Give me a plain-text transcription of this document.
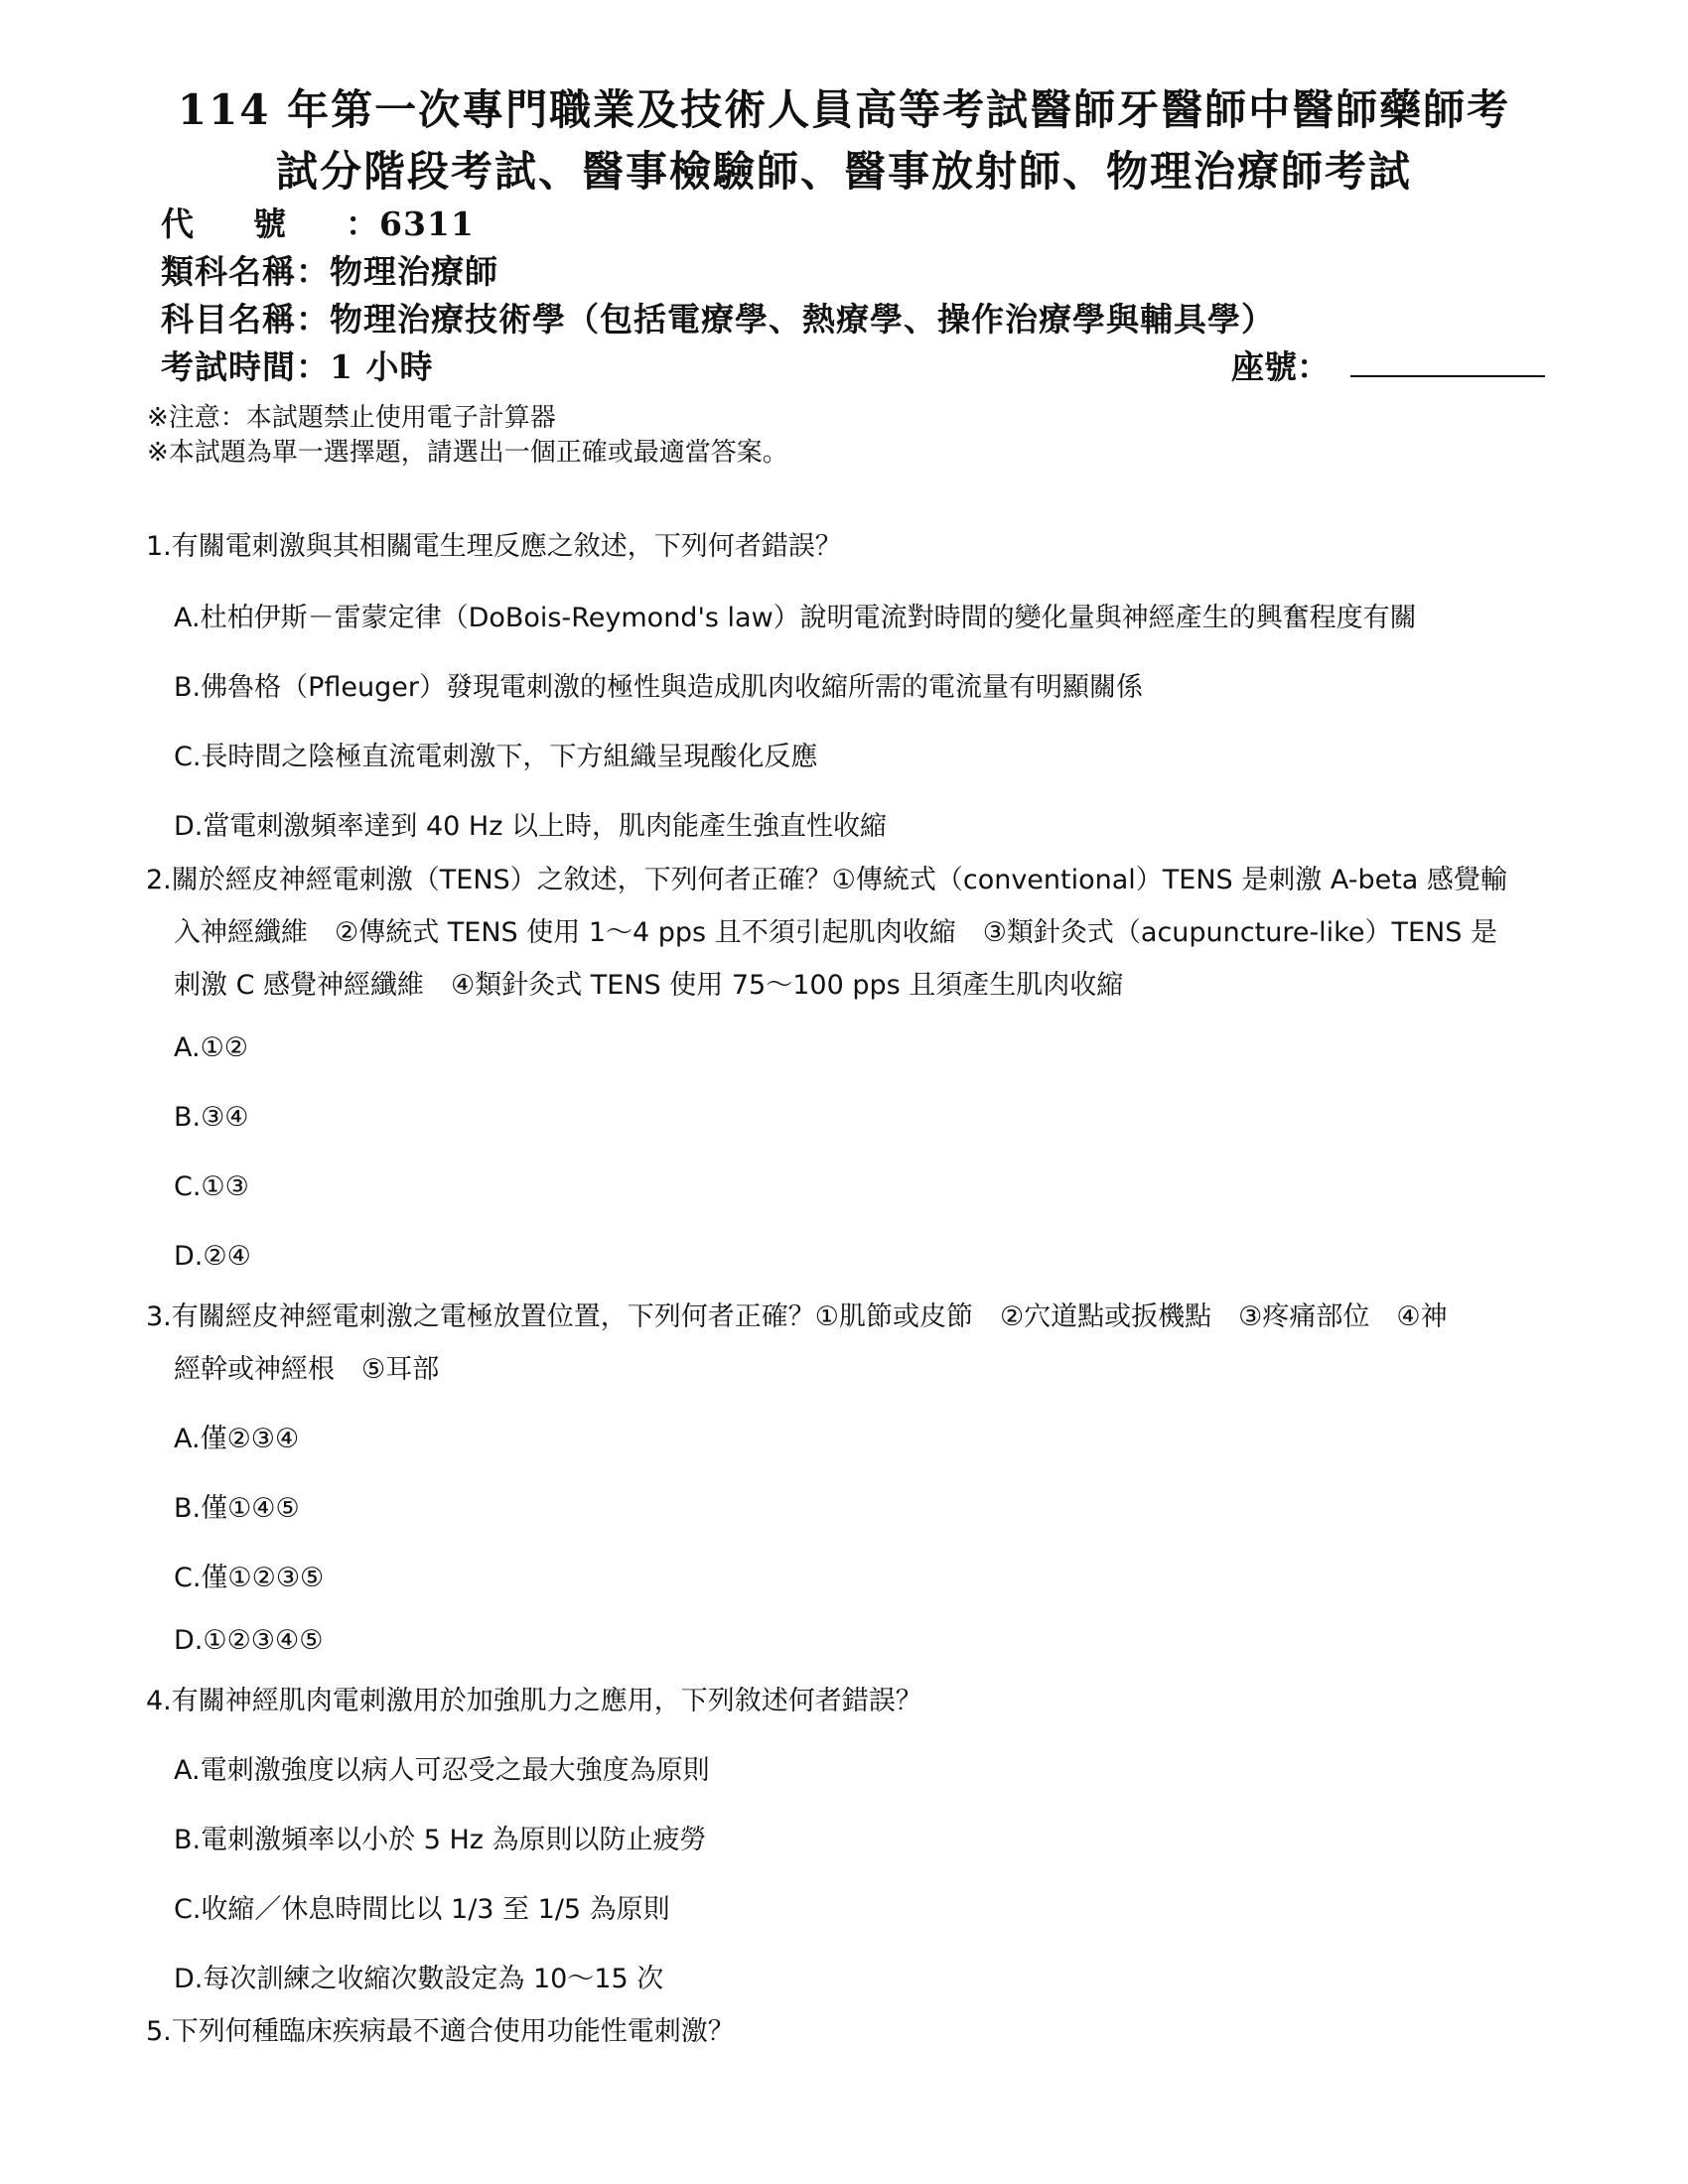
114 年第一次專門職業及技術人員高等考試醫師牙醫師中醫師藥師考
試分階段考試、醫事檢驗師、醫事放射師、物理治療師考試
代號：6311
類科名稱：物理治療師
科目名稱：物理治療技術學（包括電療學、熱療學、操作治療學與輔具學）
考試時間：1 小時	座號：
※注意：本試題禁止使用電子計算器
※本試題為單一選擇題，請選出一個正確或最適當答案。
1.有關電刺激與其相關電生理反應之敘述，下列何者錯誤？
A.杜柏伊斯－雷蒙定律（DoBois-Reymond's law）說明電流對時間的變化量與神經產生的興奮程度有關
B.佛魯格（Pfleuger）發現電刺激的極性與造成肌肉收縮所需的電流量有明顯關係
C.長時間之陰極直流電刺激下，下方組織呈現酸化反應
D.當電刺激頻率達到 40 Hz 以上時，肌肉能產生強直性收縮
2.關於經皮神經電刺激（TENS）之敘述，下列何者正確？①傳統式（conventional）TENS 是刺激 A-beta 感覺輸
入神經纖維　②傳統式 TENS 使用 1～4 pps 且不須引起肌肉收縮　③類針灸式（acupuncture-like）TENS 是
刺激 C 感覺神經纖維　④類針灸式 TENS 使用 75～100 pps 且須產生肌肉收縮
A.①②
B.③④
C.①③
D.②④
3.有關經皮神經電刺激之電極放置位置，下列何者正確？①肌節或皮節　②穴道點或扳機點　③疼痛部位　④神
經幹或神經根　⑤耳部
A.僅②③④
B.僅①④⑤
C.僅①②③⑤
D.①②③④⑤
4.有關神經肌肉電刺激用於加強肌力之應用，下列敘述何者錯誤？
A.電刺激強度以病人可忍受之最大強度為原則
B.電刺激頻率以小於 5 Hz 為原則以防止疲勞
C.收縮／休息時間比以 1/3 至 1/5 為原則
D.每次訓練之收縮次數設定為 10～15 次
5.下列何種臨床疾病最不適合使用功能性電刺激？
